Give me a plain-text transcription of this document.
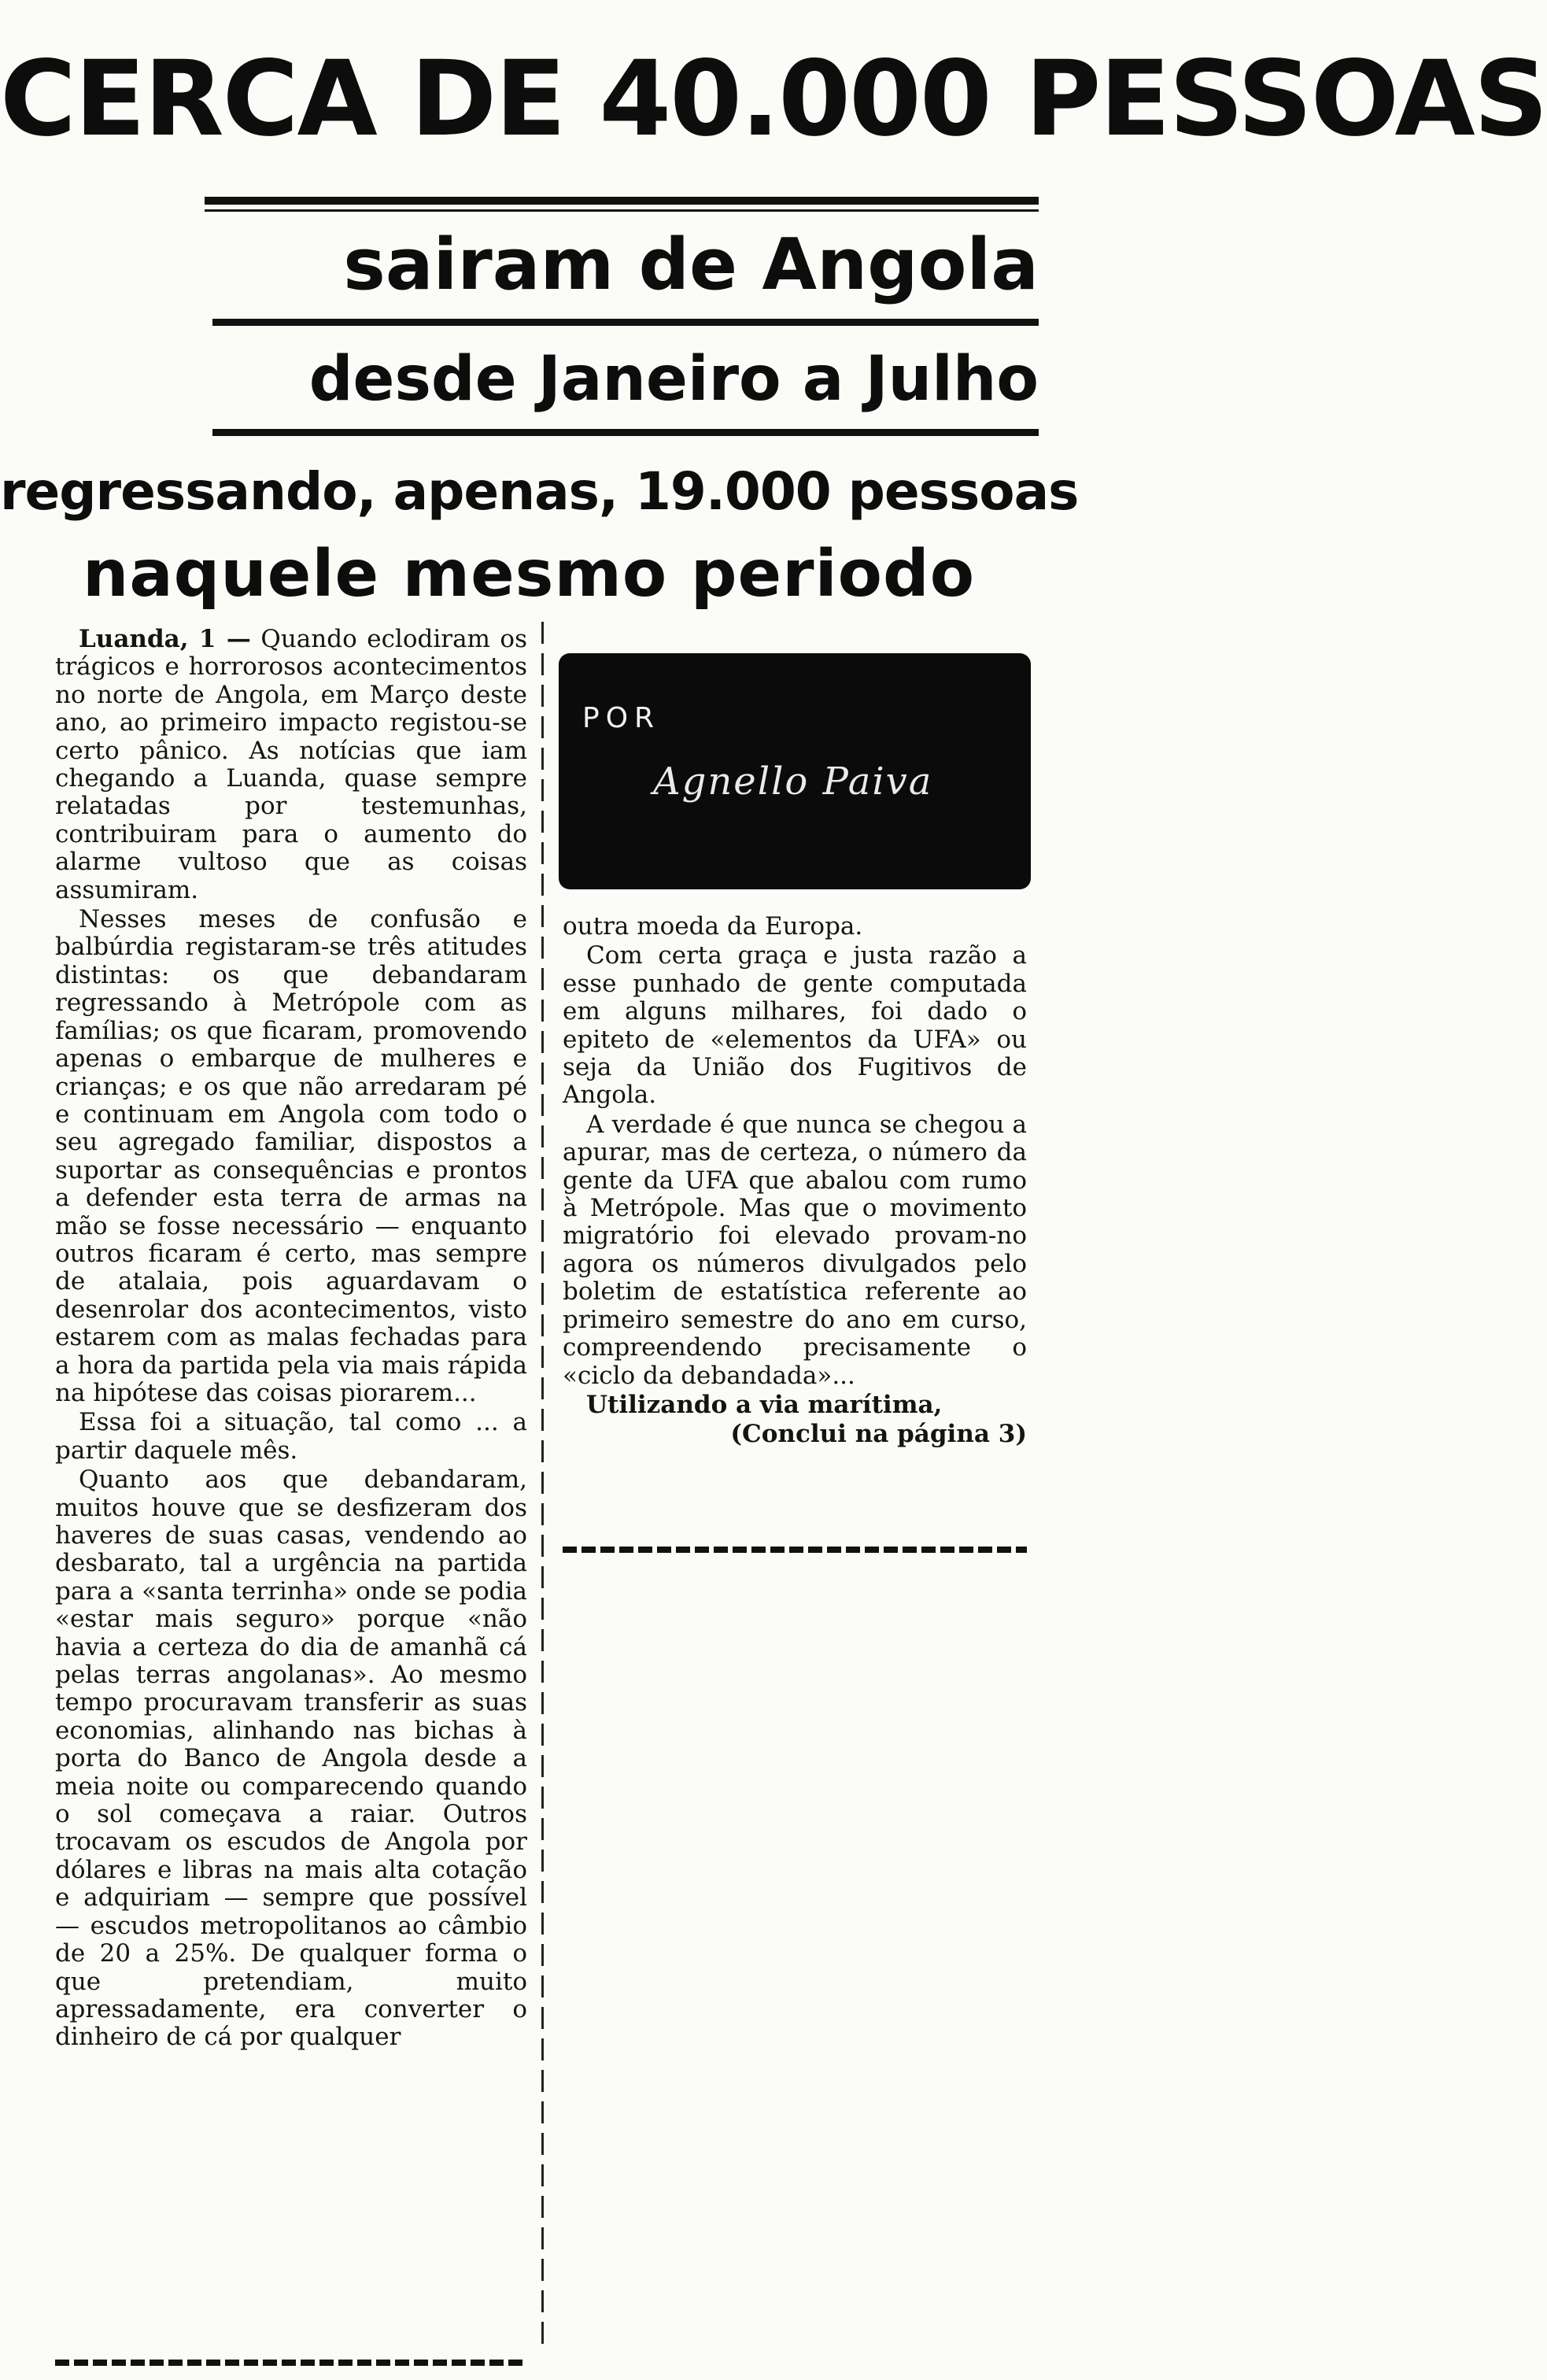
CERCA DE 40.000 PESSOAS
sairam de Angola
desde Janeiro a Julho
regressando, apenas, 19.000 pessoas
naquele mesmo periodo

Luanda, 1 — Quando eclodiram os trágicos e horrorosos acontecimentos no norte de Angola, em Março deste ano, ao primeiro impacto registou-se certo pânico. As notícias que iam chegando a Luanda, quase sempre relatadas por testemunhas, contribuiram para o aumento do alarme vultoso que as coisas assumiram.

Nesses meses de confusão e balbúrdia registaram-se três atitudes distintas: os que debandaram regressando à Metrópole com as famílias; os que ficaram, promovendo apenas o embarque de mulheres e crianças; e os que não arredaram pé e continuam em Angola com todo o seu agregado familiar, dispostos a suportar as consequências e prontos a defender esta terra de armas na mão se fosse necessário — enquanto outros ficaram é certo, mas sempre de atalaia, pois aguardavam o desenrolar dos acontecimentos, visto estarem com as malas fechadas para a hora da partida pela via mais rápida na hipótese das coisas piorarem...

Essa foi a situação, tal como ... a partir daquele mês.

Quanto aos que debandaram, muitos houve que se desfizeram dos haveres de suas casas, vendendo ao desbarato, tal a urgência na partida para a «santa terrinha» onde se podia «estar mais seguro» porque «não havia a certeza do dia de amanhã cá pelas terras angolanas». Ao mesmo tempo procuravam transferir as suas economias, alinhando nas bichas à porta do Banco de Angola desde a meia noite ou comparecendo quando o sol começava a raiar. Outros trocavam os escudos de Angola por dólares e libras na mais alta cotação e adquiriam — sempre que possível — escudos metropolitanos ao câmbio de 20 a 25%. De qualquer forma o que pretendiam, muito apressadamente, era converter o dinheiro de cá por qualquer

POR
Agnello Paiva

outra moeda da Europa.

Com certa graça e justa razão a esse punhado de gente computada em alguns milhares, foi dado o epiteto de «elementos da UFA» ou seja da União dos Fugitivos de Angola.

A verdade é que nunca se chegou a apurar, mas de certeza, o número da gente da UFA que abalou com rumo à Metrópole. Mas que o movimento migratório foi elevado provam-no agora os números divulgados pelo boletim de estatística referente ao primeiro semestre do ano em curso, compreendendo precisamente o «ciclo da debandada»...

Utilizando a via marítima,

(Conclui na página 3)
